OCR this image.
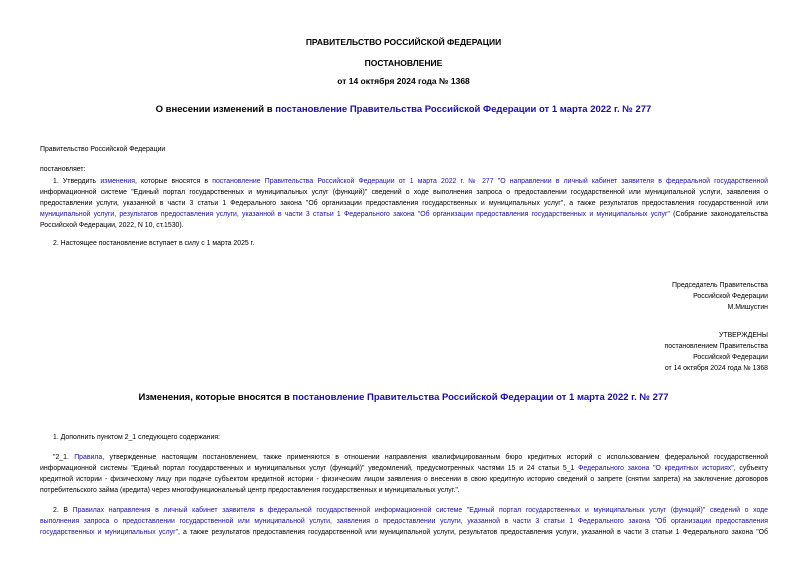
ПРАВИТЕЛЬСТВО РОССИЙСКОЙ ФЕДЕРАЦИИ
ПОСТАНОВЛЕНИЕ
от 14 октября 2024 года № 1368
О внесении изменений в постановление Правительства Российской Федерации от 1 марта 2022 г. № 277
Правительство Российской Федерации
постановляет:
1. Утвердить изменения, которые вносятся в постановление Правительства Российской Федерации от 1 марта 2022 г. № 277 "О направлении в личный кабинет заявителя в федеральной государственной
информационной системе "Единый портал государственных и муниципальных услуг (функций)" сведений о ходе выполнения запроса о предоставлении государственной или муниципальной услуги, заявления о
предоставлении услуги, указанной в части 3 статьи 1 Федерального закона "Об организации предоставления государственных и муниципальных услуг", а также результатов предоставления государственной или
муниципальной услуги, результатов предоставления услуги, указанной в части 3 статьи 1 Федерального закона "Об организации предоставления государственных и муниципальных услуг" (Собрание законодательства
Российской Федерации, 2022, N 10, ст.1530).
2. Настоящее постановление вступает в силу с 1 марта 2025 г.
Председатель Правительства
Российской Федерации
М.Мишустин
УТВЕРЖДЕНЫ
постановлением Правительства
Российской Федерации
от 14 октября 2024 года № 1368
Изменения, которые вносятся в постановление Правительства Российской Федерации от 1 марта 2022 г. № 277
1. Дополнить пунктом 2_1 следующего содержания:
"2_1. Правила, утвержденные настоящим постановлением, также применяются в отношении направления квалифицированным бюро кредитных историй с использованием федеральной государственной
информационной системы "Единый портал государственных и муниципальных услуг (функций)" уведомлений, предусмотренных частями 15 и 24 статьи 5_1 Федерального закона "О кредитных историях", субъекту
кредитной истории - физическому лицу при подаче субъектом кредитной истории - физическим лицом заявления о внесении в свою кредитную историю сведений о запрете (снятии запрета) на заключение договоров
потребительского займа (кредита) через многофункциональный центр предоставления государственных и муниципальных услуг.".
2. В Правилах направления в личный кабинет заявителя в федеральной государственной информационной системе "Единый портал государственных и муниципальных услуг (функций)" сведений о ходе
выполнения запроса о предоставлении государственной или муниципальной услуги, заявления о предоставлении услуги, указанной в части 3 статьи 1 Федерального закона "Об организации предоставления
государственных и муниципальных услуг", а также результатов предоставления государственной или муниципальной услуги, результатов предоставления услуги, указанной в части 3 статьи 1 Федерального закона "Об
